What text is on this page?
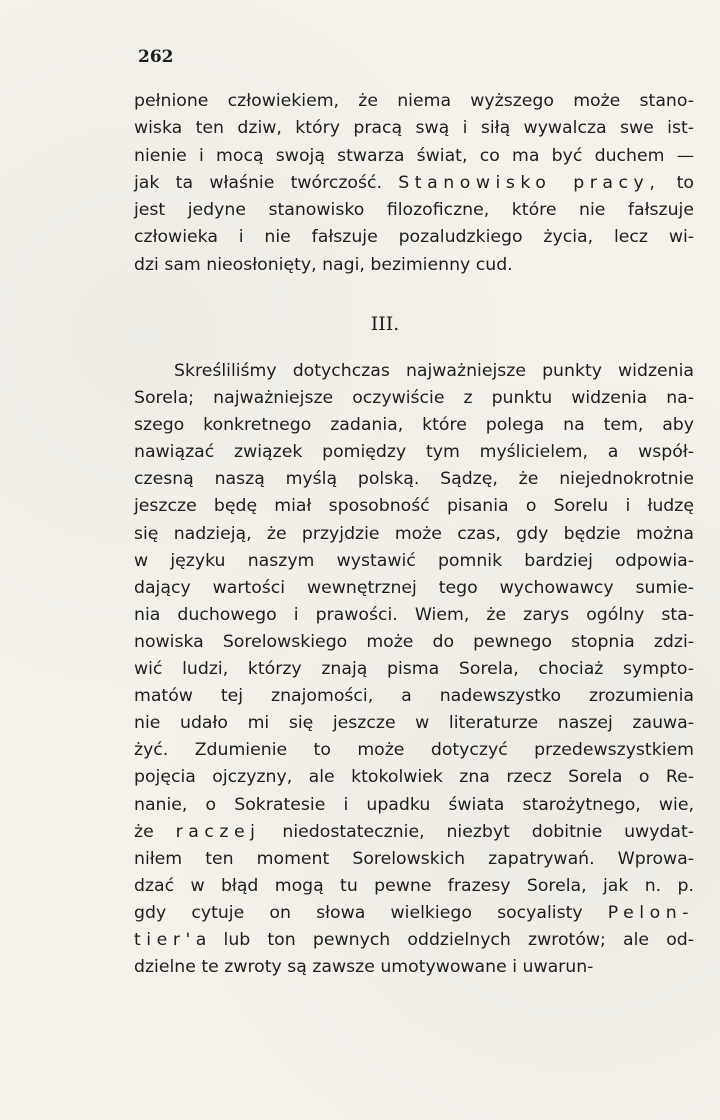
262
pełnione człowiekiem, że niema wyższego może stano-
wiska ten dziw, który pracą swą i siłą wywalcza swe ist-
nienie i mocą swoją stwarza świat, co ma być duchem —
jak ta właśnie twórczość. Stanowisko pracy, to
jest jedyne stanowisko filozoficzne, które nie fałszuje
człowieka i nie fałszuje pozaludzkiego życia, lecz wi-
dzi sam nieosłonięty, nagi, bezimienny cud.
III.
Skreśliliśmy dotychczas najważniejsze punkty widzenia
Sorela; najważniejsze oczywiście z punktu widzenia na-
szego konkretnego zadania, które polega na tem, aby
nawiązać związek pomiędzy tym myślicielem, a współ-
czesną naszą myślą polską. Sądzę, że niejednokrotnie
jeszcze będę miał sposobność pisania o Sorelu i łudzę
się nadzieją, że przyjdzie może czas, gdy będzie można
w języku naszym wystawić pomnik bardziej odpowia-
dający wartości wewnętrznej tego wychowawcy sumie-
nia duchowego i prawości. Wiem, że zarys ogólny sta-
nowiska Sorelowskiego może do pewnego stopnia zdzi-
wić ludzi, którzy znają pisma Sorela, chociaż sympto-
matów tej znajomości, a nadewszystko zrozumienia
nie udało mi się jeszcze w literaturze naszej zauwa-
żyć. Zdumienie to może dotyczyć przedewszystkiem
pojęcia ojczyzny, ale ktokolwiek zna rzecz Sorela o Re-
nanie, o Sokratesie i upadku świata starożytnego, wie,
że raczej niedostatecznie, niezbyt dobitnie uwydat-
niłem ten moment Sorelowskich zapatrywań. Wprowa-
dzać w błąd mogą tu pewne frazesy Sorela, jak n. p.
gdy cytuje on słowa wielkiego socyalisty Pelon-
tier'a lub ton pewnych oddzielnych zwrotów; ale od-
dzielne te zwroty są zawsze umotywowane i uwarun-
